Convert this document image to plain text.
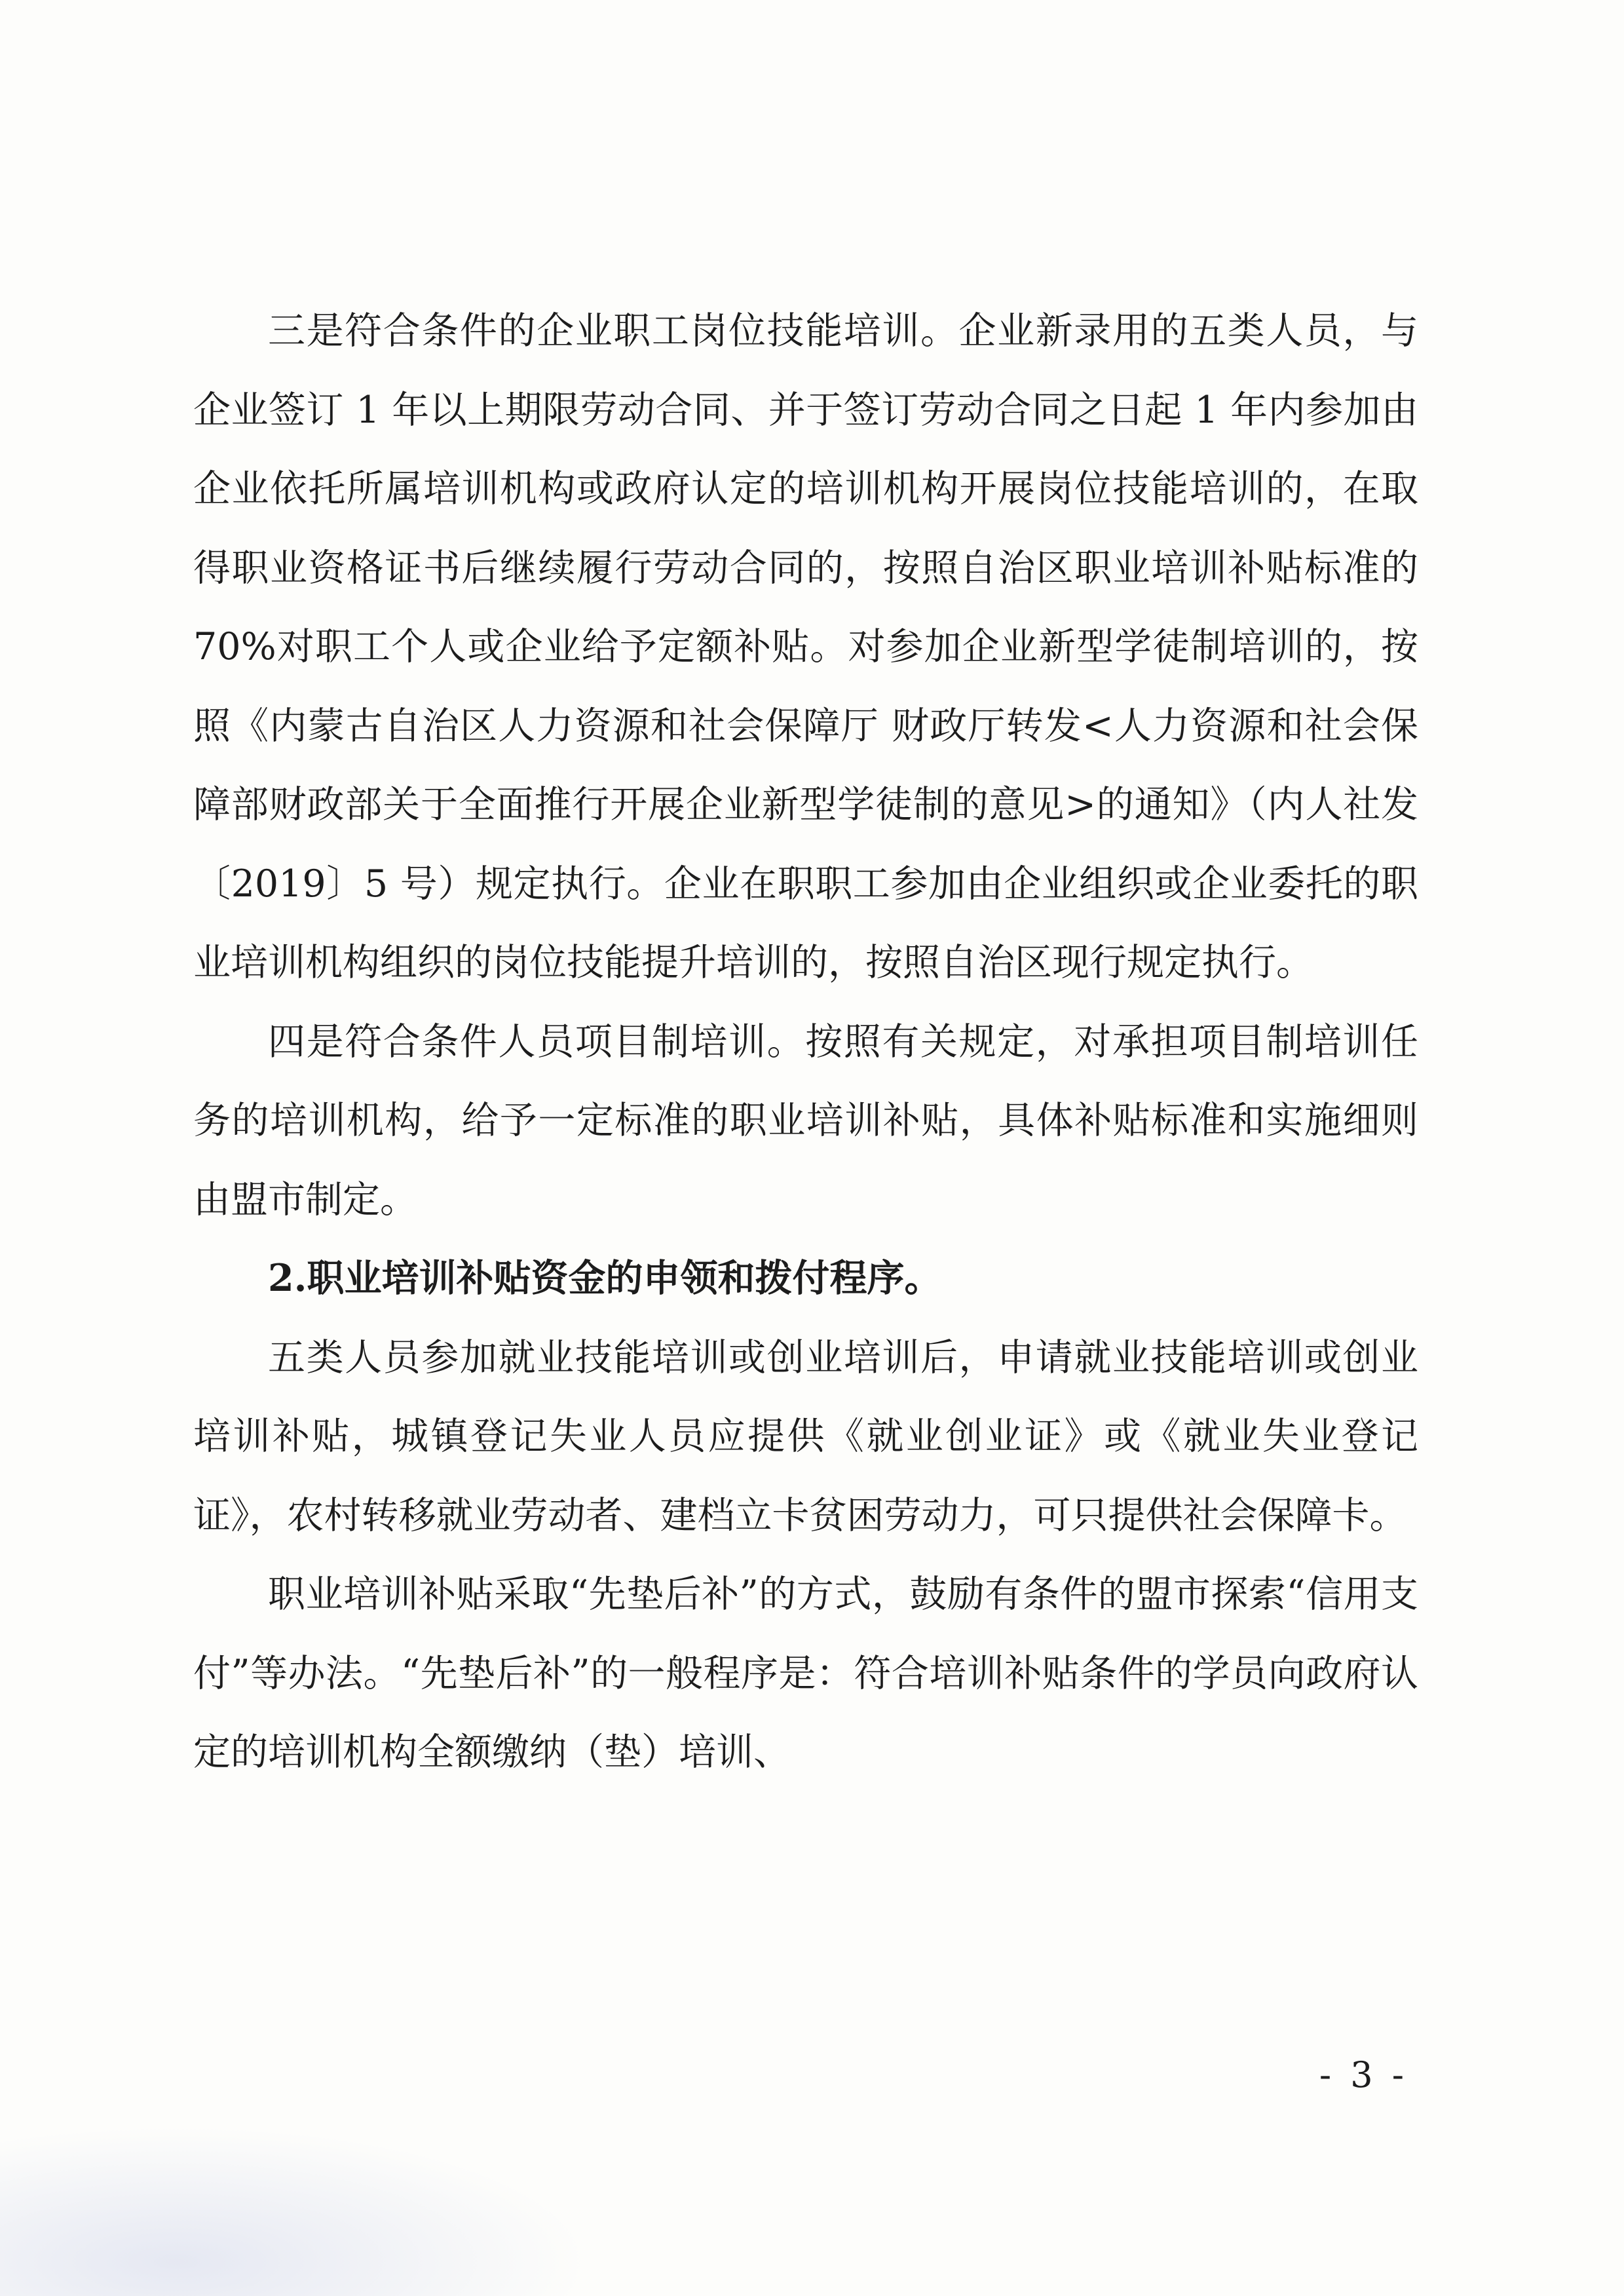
三是符合条件的企业职工岗位技能培训。企业新录用的五类人员，与企业签订 1 年以上期限劳动合同、并于签订劳动合同之日起 1 年内参加由企业依托所属培训机构或政府认定的培训机构开展岗位技能培训的，在取得职业资格证书后继续履行劳动合同的，按照自治区职业培训补贴标准的 70%对职工个人或企业给予定额补贴。对参加企业新型学徒制培训的，按照《内蒙古自治区人力资源和社会保障厅 财政厅转发<人力资源和社会保障部财政部关于全面推行开展企业新型学徒制的意见>的通知》（内人社发〔2019〕5 号）规定执行。企业在职职工参加由企业组织或企业委托的职业培训机构组织的岗位技能提升培训的，按照自治区现行规定执行。

四是符合条件人员项目制培训。按照有关规定，对承担项目制培训任务的培训机构，给予一定标准的职业培训补贴，具体补贴标准和实施细则由盟市制定。

2.职业培训补贴资金的申领和拨付程序。

五类人员参加就业技能培训或创业培训后，申请就业技能培训或创业培训补贴，城镇登记失业人员应提供《就业创业证》或《就业失业登记证》，农村转移就业劳动者、建档立卡贫困劳动力，可只提供社会保障卡。

职业培训补贴采取“先垫后补”的方式，鼓励有条件的盟市探索“信用支付”等办法。“先垫后补”的一般程序是：符合培训补贴条件的学员向政府认定的培训机构全额缴纳（垫）培训、

- 3 -
